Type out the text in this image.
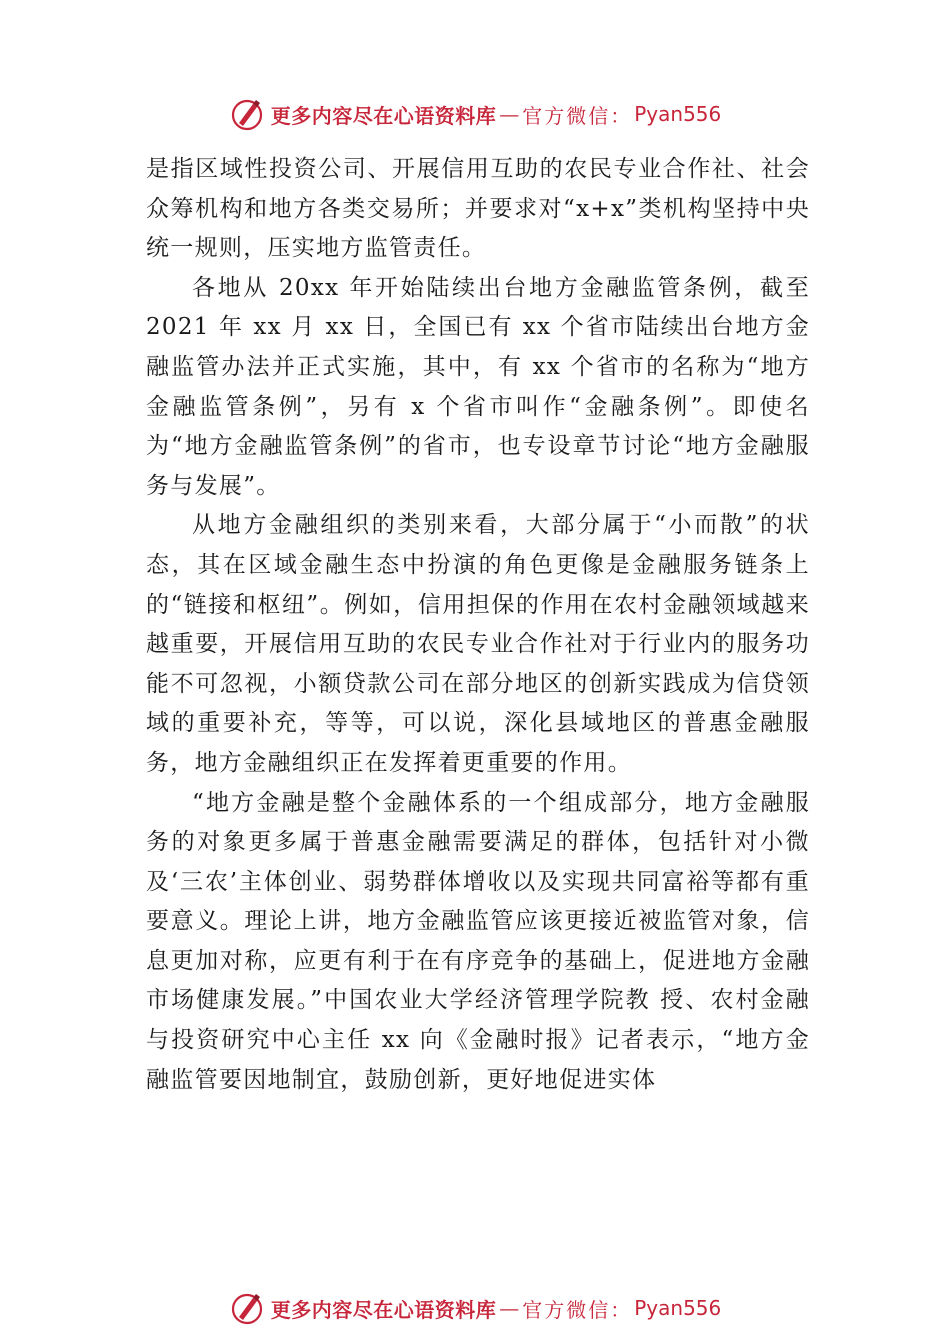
更多内容尽在心语资料库 — 官方微信： Pyan556

是指区域性投资公司、开展信用互助的农民专业合作社、社会众筹机构和地方各类交易所；并要求对“x+x”类机构坚持中央统一规则，压实地方监管责任。

各地从 20xx 年开始陆续出台地方金融监管条例，截至 2021 年 xx 月 xx 日，全国已有 xx 个省市陆续出台地方金融监管办法并正式实施，其中，有 xx 个省市的名称为“地方金融监管条例”，另有 x 个省市叫作“金融条例”。即使名为“地方金融监管条例”的省市，也专设章节讨论“地方金融服务与发展”。

从地方金融组织的类别来看，大部分属于“小而散”的状态，其在区域金融生态中扮演的角色更像是金融服务链条上的“链接和枢纽”。例如，信用担保的作用在农村金融领域越来越重要，开展信用互助的农民专业合作社对于行业内的服务功能不可忽视，小额贷款公司在部分地区的创新实践成为信贷领域的重要补充，等等，可以说，深化县域地区的普惠金融服务，地方金融组织正在发挥着更重要的作用。

“地方金融是整个金融体系的一个组成部分，地方金融服务的对象更多属于普惠金融需要满足的群体，包括针对小微及‘三农’主体创业、弱势群体增收以及实现共同富裕等都有重要意义。理论上讲，地方金融监管应该更接近被监管对象，信息更加对称，应更有利于在有序竞争的基础上，促进地方金融市场健康发展。”中国农业大学经济管理学院教 授、农村金融与投资研究中心主任 xx 向《金融时报》记者表示，“地方金融监管要因地制宜，鼓励创新，更好地促进实体

更多内容尽在心语资料库 — 官方微信： Pyan556
